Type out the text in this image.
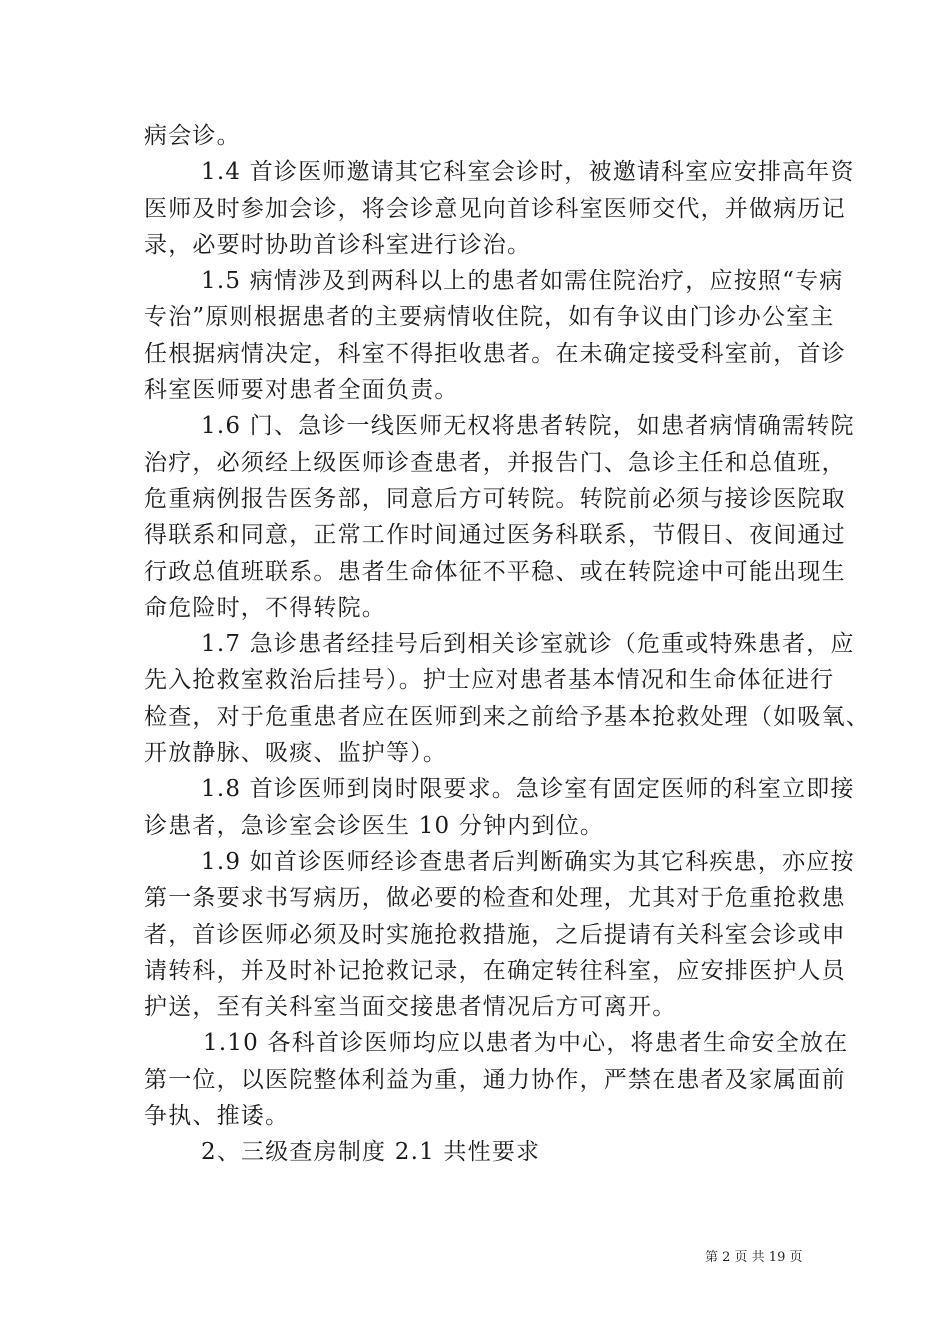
病会诊。
1.4 首诊医师邀请其它科室会诊时，被邀请科室应安排高年资
医师及时参加会诊，将会诊意见向首诊科室医师交代，并做病历记
录，必要时协助首诊科室进行诊治。
1.5 病情涉及到两科以上的患者如需住院治疗，应按照“专病
专治”原则根据患者的主要病情收住院，如有争议由门诊办公室主
任根据病情决定，科室不得拒收患者。在未确定接受科室前，首诊
科室医师要对患者全面负责。
1.6 门、急诊一线医师无权将患者转院，如患者病情确需转院
治疗，必须经上级医师诊查患者，并报告门、急诊主任和总值班，
危重病例报告医务部，同意后方可转院。转院前必须与接诊医院取
得联系和同意，正常工作时间通过医务科联系，节假日、夜间通过
行政总值班联系。患者生命体征不平稳、或在转院途中可能出现生
命危险时，不得转院。
1.7 急诊患者经挂号后到相关诊室就诊（危重或特殊患者，应
先入抢救室救治后挂号）。护士应对患者基本情况和生命体征进行
检查，对于危重患者应在医师到来之前给予基本抢救处理（如吸氧、
开放静脉、吸痰、监护等）。
1.8 首诊医师到岗时限要求。急诊室有固定医师的科室立即接
诊患者，急诊室会诊医生 10 分钟内到位。
1.9 如首诊医师经诊查患者后判断确实为其它科疾患，亦应按
第一条要求书写病历，做必要的检查和处理，尤其对于危重抢救患
者，首诊医师必须及时实施抢救措施，之后提请有关科室会诊或申
请转科，并及时补记抢救记录，在确定转往科室，应安排医护人员
护送，至有关科室当面交接患者情况后方可离开。
1.10 各科首诊医师均应以患者为中心，将患者生命安全放在
第一位，以医院整体利益为重，通力协作，严禁在患者及家属面前
争执、推诿。
2、三级查房制度 2.1 共性要求
第 2 页 共 19 页
